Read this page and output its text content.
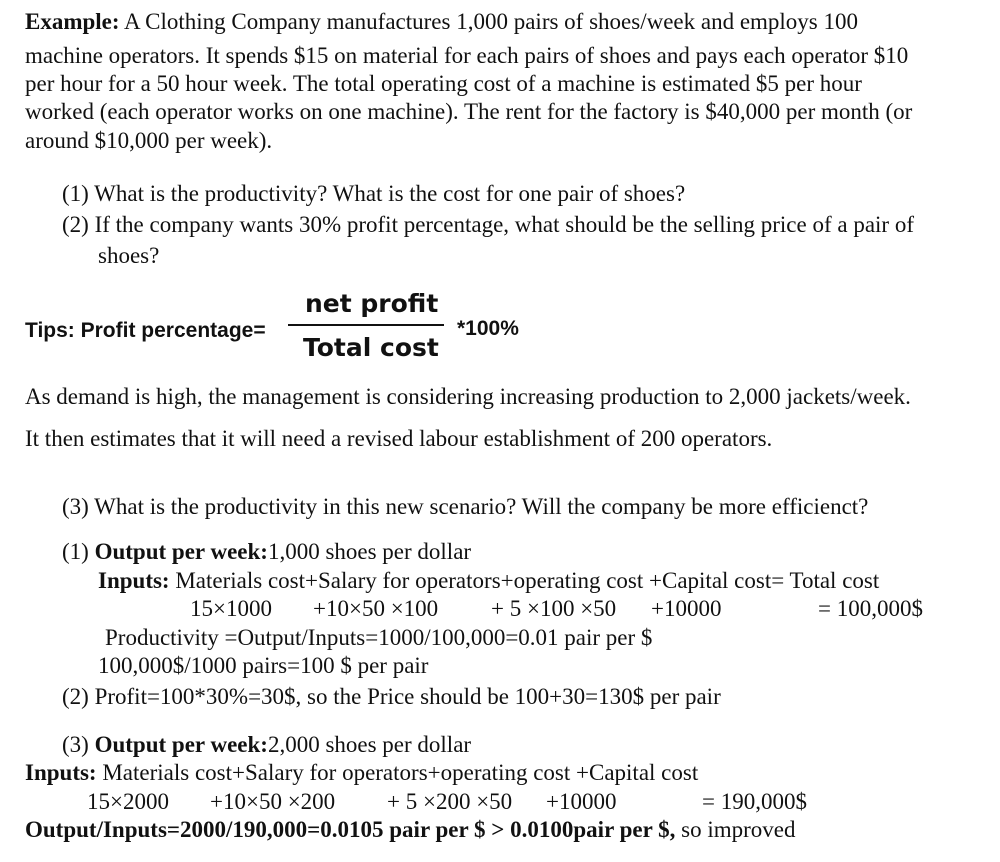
Example: A Clothing Company manufactures 1,000 pairs of shoes/week and employs 100
machine operators. It spends $15 on material for each pairs of shoes and pays each operator $10
per hour for a 50 hour week. The total operating cost of a machine is estimated $5 per hour
worked (each operator works on one machine). The rent for the factory is $40,000 per month (or
around $10,000 per week).
(1) What is the productivity? What is the cost for one pair of shoes?
(2) If the company wants 30% profit percentage, what should be the selling price of a pair of
shoes?
Tips: Profit percentage=
net profit
Total cost
*100%
As demand is high, the management is considering increasing production to 2,000 jackets/week.
It then estimates that it will need a revised labour establishment of 200 operators.
(3) What is the productivity in this new scenario? Will the company be more efficienct?
(1) Output per week:1,000 shoes per dollar
Inputs: Materials cost+Salary for operators+operating cost +Capital cost= Total cost
15×1000 +10×50 ×100 + 5 ×100 ×50 +10000	= 100,000$
Productivity =Output/Inputs=1000/100,000=0.01 pair per $
100,000$/1000 pairs=100 $ per pair
(2) Profit=100*30%=30$, so the Price should be 100+30=130$ per pair
(3) Output per week:2,000 shoes per dollar
Inputs: Materials cost+Salary for operators+operating cost +Capital cost
15×2000 +10×50 ×200 + 5 ×200 ×50 +10000	= 190,000$
Output/Inputs=2000/190,000=0.0105 pair per $ > 0.0100pair per $, so improved
